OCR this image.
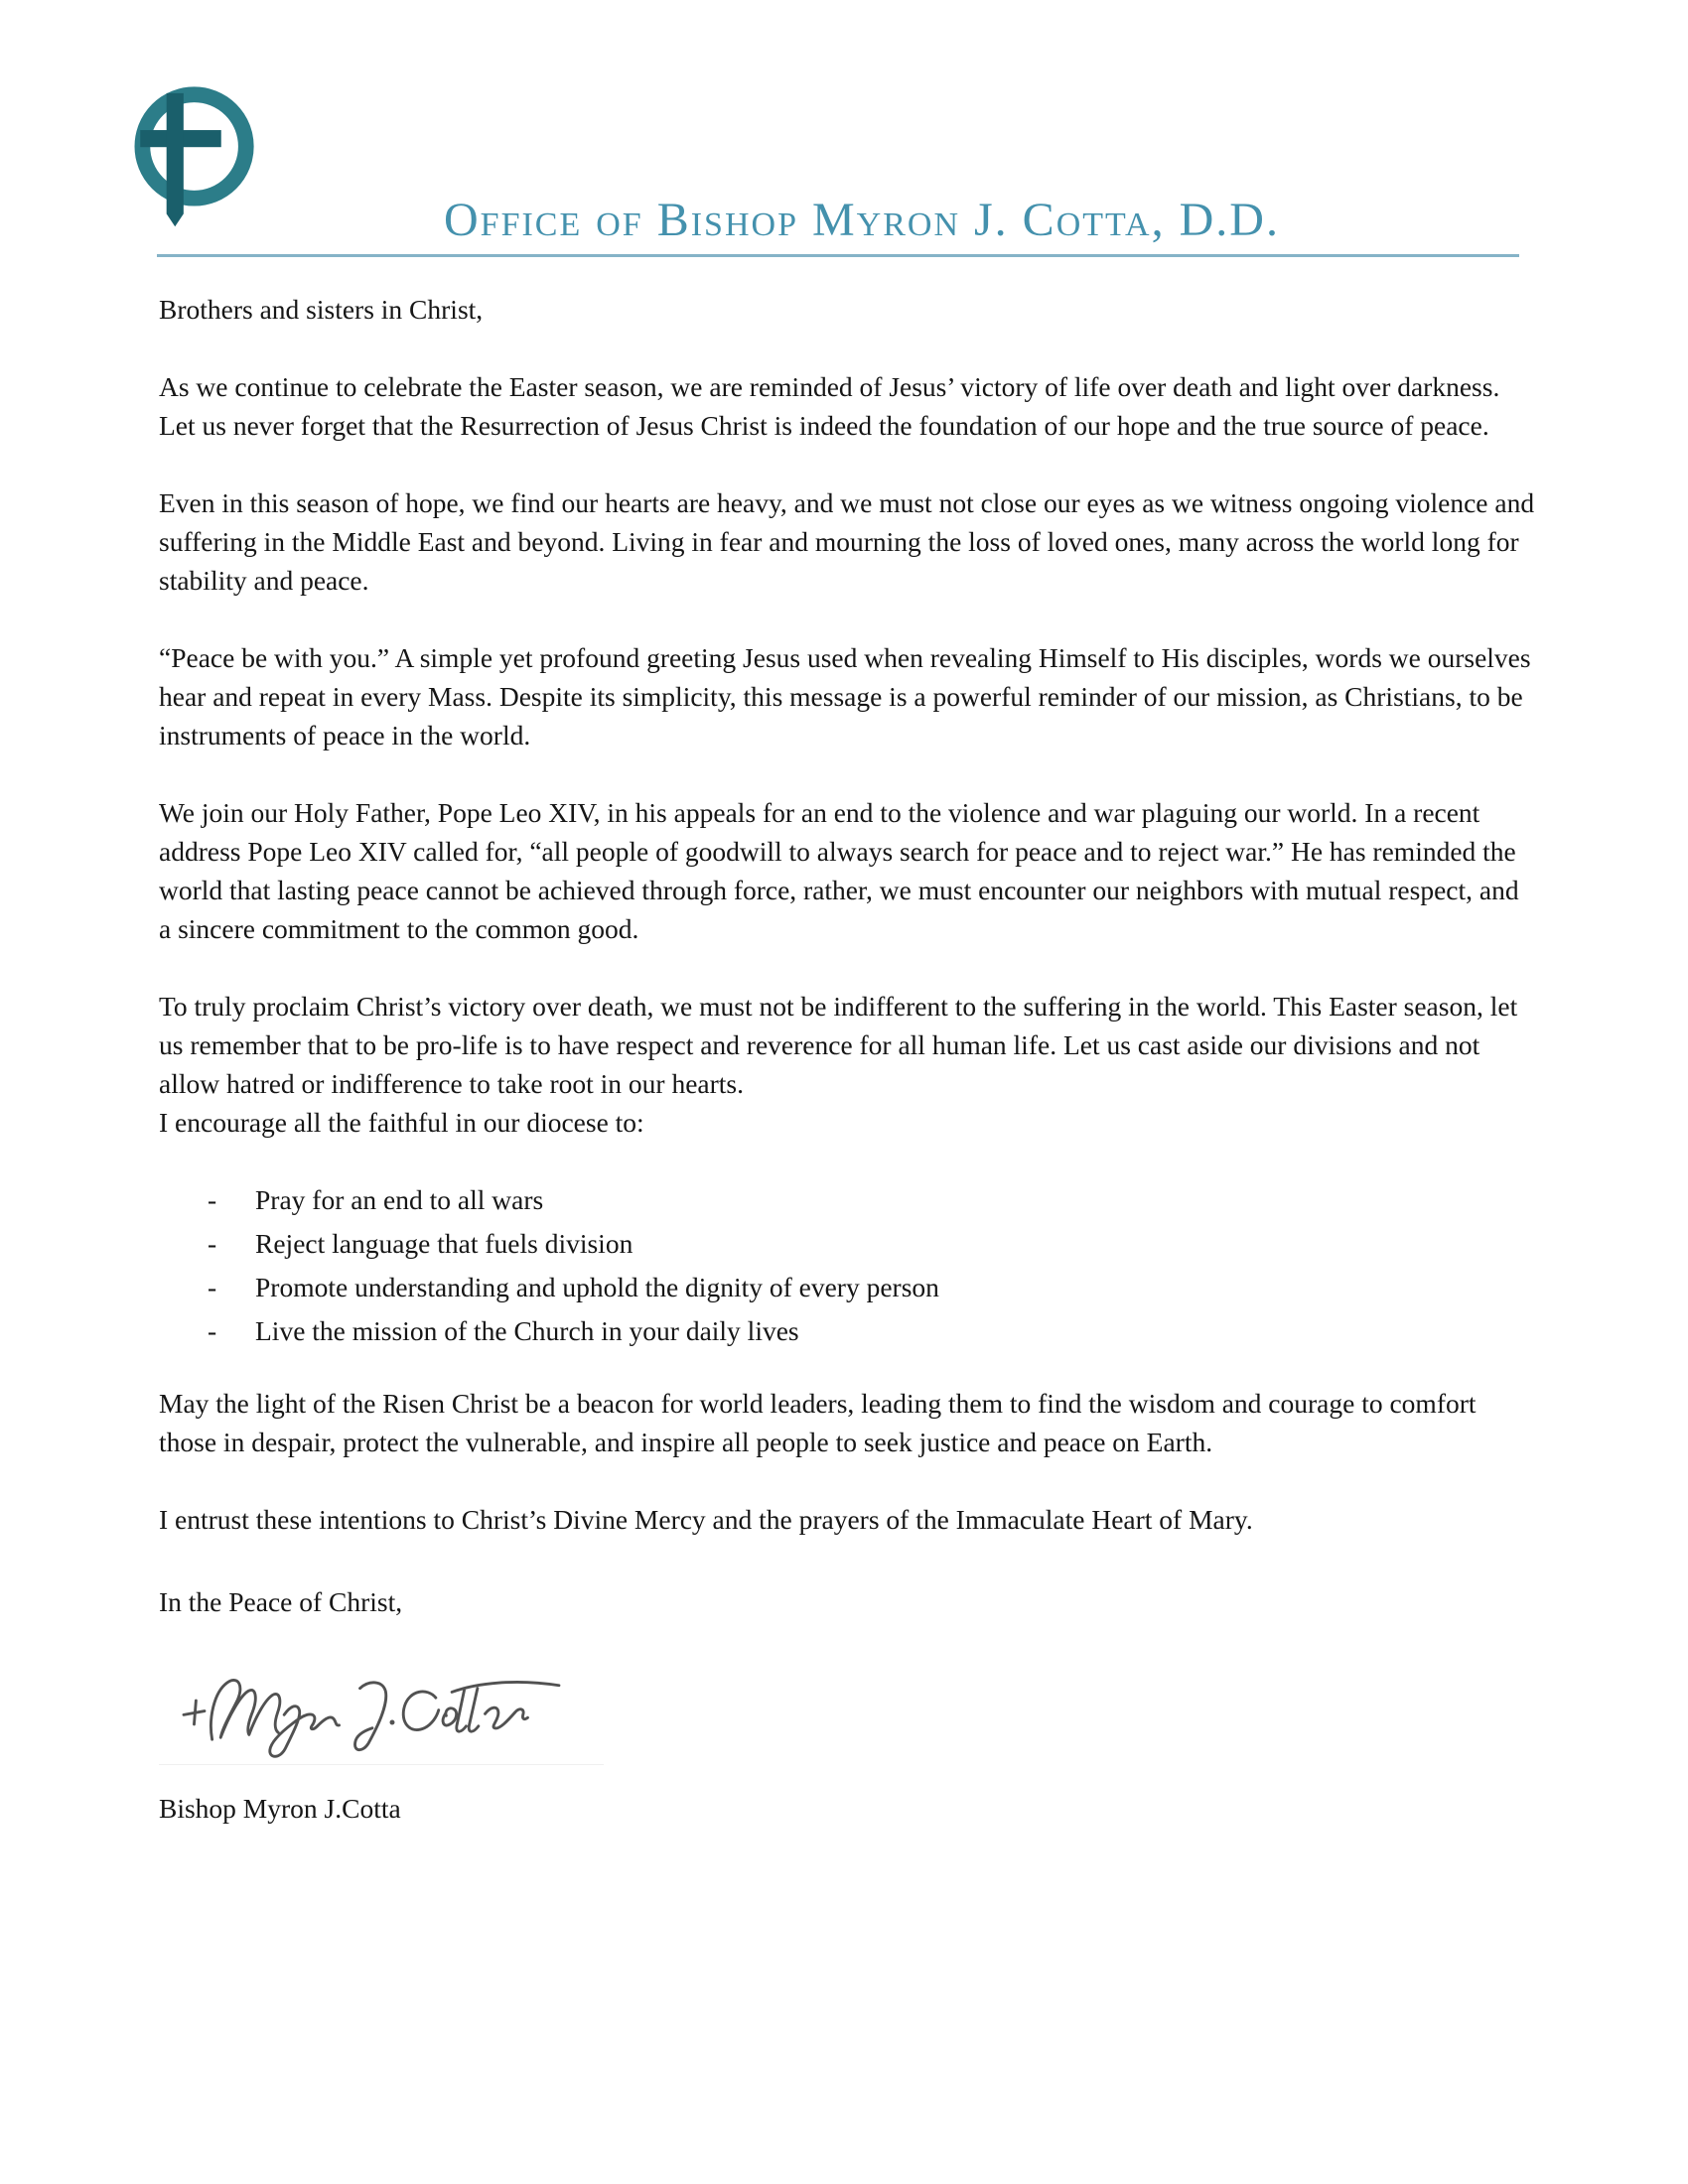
Office of Bishop Myron J. Cotta, D.D.

Brothers and sisters in Christ,

As we continue to celebrate the Easter season, we are reminded of Jesus’ victory of life over death and light over darkness. Let us never forget that the Resurrection of Jesus Christ is indeed the foundation of our hope and the true source of peace.

Even in this season of hope, we find our hearts are heavy, and we must not close our eyes as we witness ongoing violence and suffering in the Middle East and beyond. Living in fear and mourning the loss of loved ones, many across the world long for stability and peace.

“Peace be with you.” A simple yet profound greeting Jesus used when revealing Himself to His disciples, words we ourselves hear and repeat in every Mass. Despite its simplicity, this message is a powerful reminder of our mission, as Christians, to be instruments of peace in the world.

We join our Holy Father, Pope Leo XIV, in his appeals for an end to the violence and war plaguing our world. In a recent address Pope Leo XIV called for, “all people of goodwill to always search for peace and to reject war.” He has reminded the world that lasting peace cannot be achieved through force, rather, we must encounter our neighbors with mutual respect, and a sincere commitment to the common good.

To truly proclaim Christ’s victory over death, we must not be indifferent to the suffering in the world. This Easter season, let us remember that to be pro-life is to have respect and reverence for all human life. Let us cast aside our divisions and not allow hatred or indifference to take root in our hearts.

I encourage all the faithful in our diocese to:

-	Pray for an end to all wars
-	Reject language that fuels division
-	Promote understanding and uphold the dignity of every person
-	Live the mission of the Church in your daily lives

May the light of the Risen Christ be a beacon for world leaders, leading them to find the wisdom and courage to comfort those in despair, protect the vulnerable, and inspire all people to seek justice and peace on Earth.

I entrust these intentions to Christ’s Divine Mercy and the prayers of the Immaculate Heart of Mary.

In the Peace of Christ,

Bishop Myron J.Cotta
